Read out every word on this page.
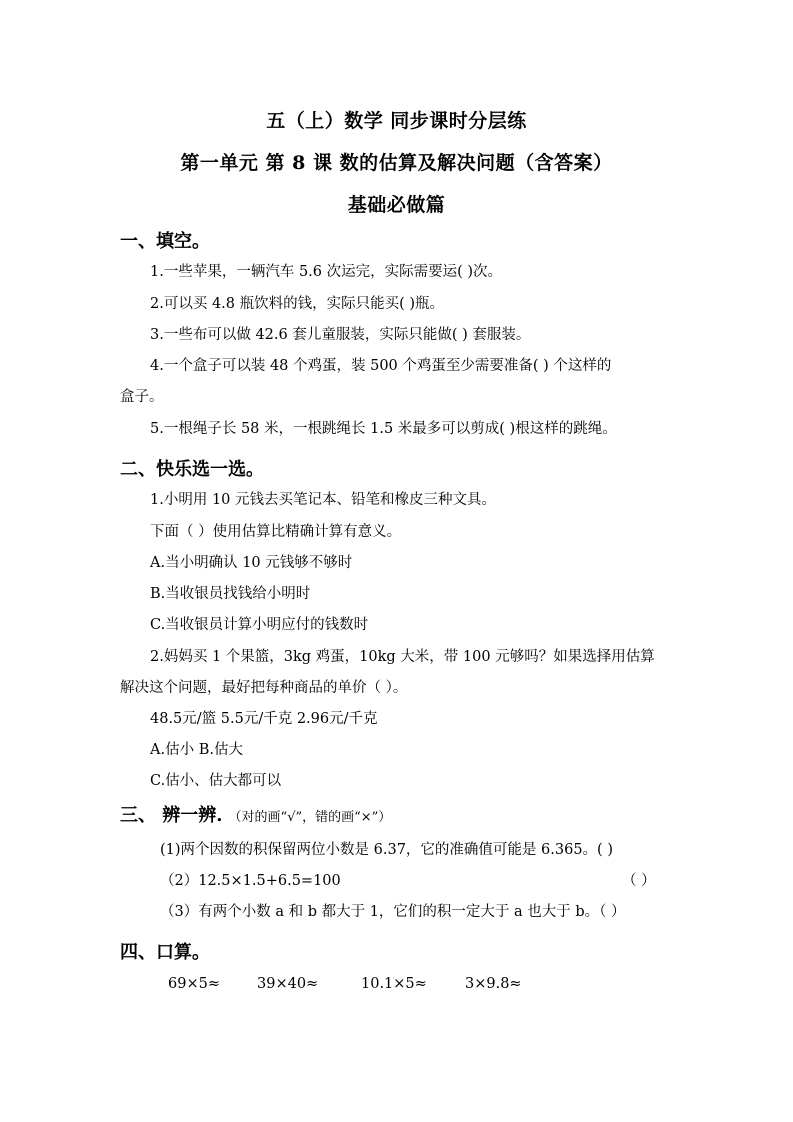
五（上）数学 同步课时分层练
第一单元 第 8 课 数的估算及解决问题（含答案）
基础必做篇
一、填空。
1.一些苹果，一辆汽车 5.6 次运完，实际需要运( )次。
2.可以买 4.8 瓶饮料的钱，实际只能买( )瓶。
3.一些布可以做 42.6 套儿童服装，实际只能做( ) 套服装。
4.一个盒子可以装 48 个鸡蛋，装 500 个鸡蛋至少需要准备( ) 个这样的
盒子。
5.一根绳子长 58 米，一根跳绳长 1.5 米最多可以剪成( )根这样的跳绳。
二、快乐选一选。
1.小明用 10 元钱去买笔记本、铅笔和橡皮三种文具。
下面（ ）使用估算比精确计算有意义。
A.当小明确认 10 元钱够不够时
B.当收银员找钱给小明时
C.当收银员计算小明应付的钱数时
2.妈妈买 1 个果篮，3kg 鸡蛋，10kg 大米，带 100 元够吗？如果选择用估算
解决这个问题，最好把每种商品的单价（ ）。
48.5元/篮 5.5元/千克 2.96元/千克
A.估小 B.估大
C.估小、估大都可以
三、 辨一辨. （对的画“√”，错的画“×”）
(1)两个因数的积保留两位小数是 6.37，它的准确值可能是 6.365。( )
（2）12.5×1.5+6.5=100	（ ）
（3）有两个小数 a 和 b 都大于 1，它们的积一定大于 a 也大于 b。（ ）
四、口算。
69×5≈	39×40≈	10.1×5≈	3×9.8≈
